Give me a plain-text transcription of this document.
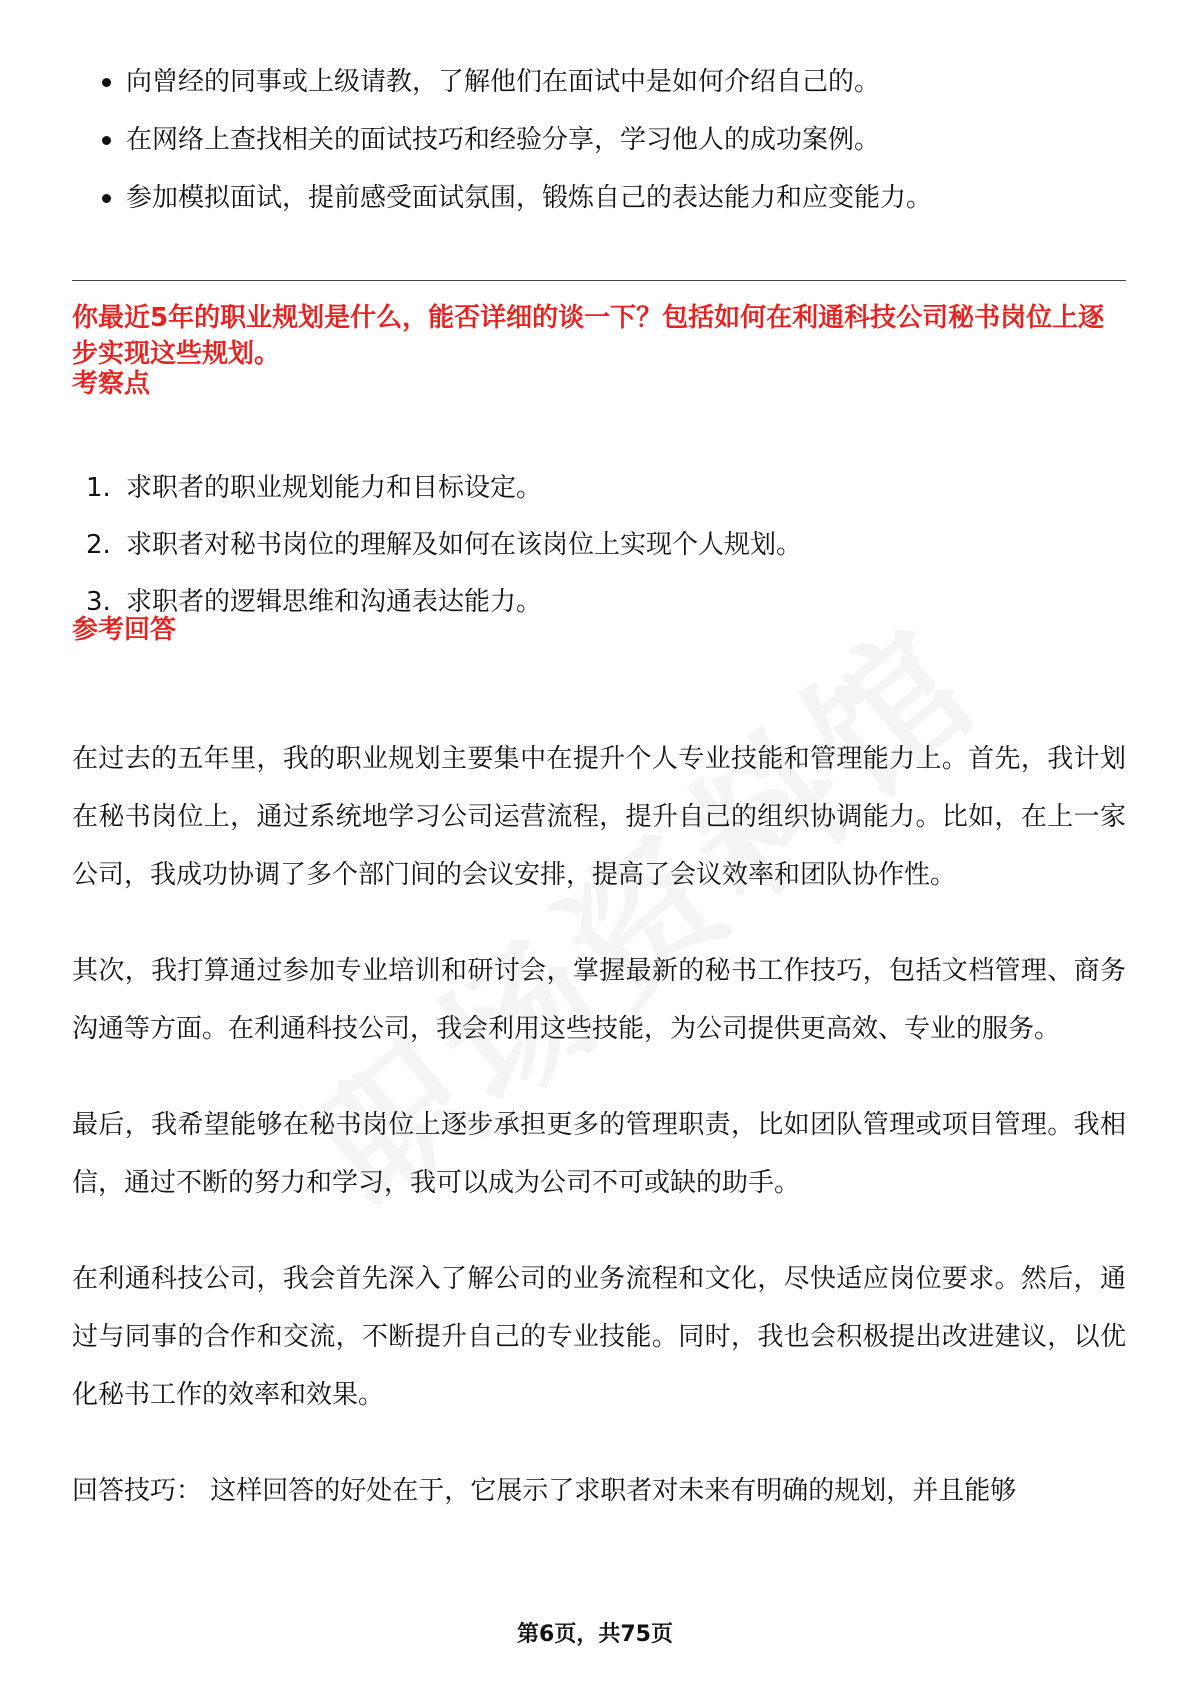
向曾经的同事或上级请教，了解他们在面试中是如何介绍自己的。
在网络上查找相关的面试技巧和经验分享，学习他人的成功案例。
参加模拟面试，提前感受面试氛围，锻炼自己的表达能力和应变能力。
你最近5年的职业规划是什么，能否详细的谈一下？包括如何在利通科技公司秘书岗位上逐步实现这些规划。
考察点
1. 求职者的职业规划能力和目标设定。
2. 求职者对秘书岗位的理解及如何在该岗位上实现个人规划。
3. 求职者的逻辑思维和沟通表达能力。
参考回答

在过去的五年里，我的职业规划主要集中在提升个人专业技能和管理能力上。首先，我计划在秘书岗位上，通过系统地学习公司运营流程，提升自己的组织协调能力。比如，在上一家公司，我成功协调了多个部门间的会议安排，提高了会议效率和团队协作性。

其次，我打算通过参加专业培训和研讨会，掌握最新的秘书工作技巧，包括文档管理、商务沟通等方面。在利通科技公司，我会利用这些技能，为公司提供更高效、专业的服务。

最后，我希望能够在秘书岗位上逐步承担更多的管理职责，比如团队管理或项目管理。我相信，通过不断的努力和学习，我可以成为公司不可或缺的助手。

在利通科技公司，我会首先深入了解公司的业务流程和文化，尽快适应岗位要求。然后，通过与同事的合作和交流，不断提升自己的专业技能。同时，我也会积极提出改进建议，以优化秘书工作的效率和效果。

回答技巧： 这样回答的好处在于，它展示了求职者对未来有明确的规划，并且能够

第6页，共75页
